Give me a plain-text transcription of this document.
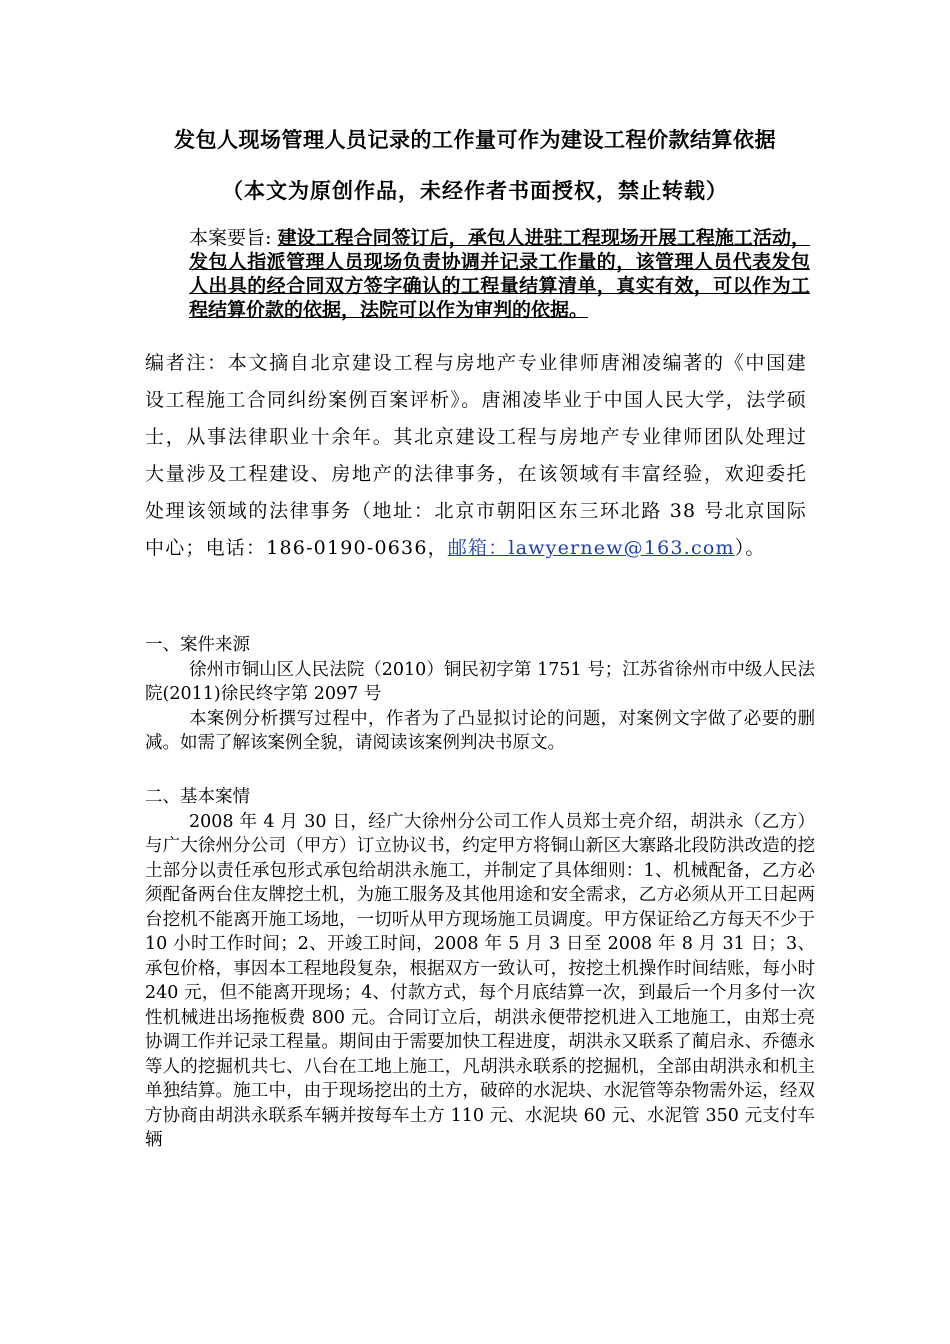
发包人现场管理人员记录的工作量可作为建设工程价款结算依据
（本文为原创作品，未经作者书面授权，禁止转载）
本案要旨: 建设工程合同签订后，承包人进驻工程现场开展工程施工活动，发包人指派管理人员现场负责协调并记录工作量的，该管理人员代表发包人出具的经合同双方签字确认的工程量结算清单，真实有效，可以作为工程结算价款的依据，法院可以作为审判的依据。
编者注：本文摘自北京建设工程与房地产专业律师唐湘凌编著的《中国建设工程施工合同纠纷案例百案评析》。唐湘凌毕业于中国人民大学，法学硕士，从事法律职业十余年。其北京建设工程与房地产专业律师团队处理过大量涉及工程建设、房地产的法律事务，在该领域有丰富经验，欢迎委托处理该领域的法律事务（地址：北京市朝阳区东三环北路 38 号北京国际中心；电话：186-0190-0636，邮箱：lawyernew@163.com）。

一、案件来源

徐州市铜山区人民法院（2010）铜民初字第 1751 号；江苏省徐州市中级人民法院(2011)徐民终字第 2097 号

本案例分析撰写过程中，作者为了凸显拟讨论的问题，对案例文字做了必要的删减。如需了解该案例全貌，请阅读该案例判决书原文。

二、基本案情

2008 年 4 月 30 日，经广大徐州分公司工作人员郑士亮介绍，胡洪永（乙方）与广大徐州分公司（甲方）订立协议书，约定甲方将铜山新区大寨路北段防洪改造的挖土部分以责任承包形式承包给胡洪永施工，并制定了具体细则：1、机械配备，乙方必须配备两台住友牌挖土机，为施工服务及其他用途和安全需求，乙方必须从开工日起两台挖机不能离开施工场地，一切听从甲方现场施工员调度。甲方保证给乙方每天不少于 10 小时工作时间；2、开竣工时间，2008 年 5 月 3 日至 2008 年 8 月 31 日；3、承包价格，事因本工程地段复杂，根据双方一致认可，按挖土机操作时间结账，每小时 240 元，但不能离开现场；4、付款方式，每个月底结算一次，到最后一个月多付一次性机械进出场拖板费 800 元。合同订立后，胡洪永便带挖机进入工地施工，由郑士亮协调工作并记录工程量。期间由于需要加快工程进度，胡洪永又联系了蔺启永、乔德永等人的挖掘机共七、八台在工地上施工，凡胡洪永联系的挖掘机，全部由胡洪永和机主单独结算。施工中，由于现场挖出的土方，破碎的水泥块、水泥管等杂物需外运，经双方协商由胡洪永联系车辆并按每车土方 110 元、水泥块 60 元、水泥管 350 元支付车辆
